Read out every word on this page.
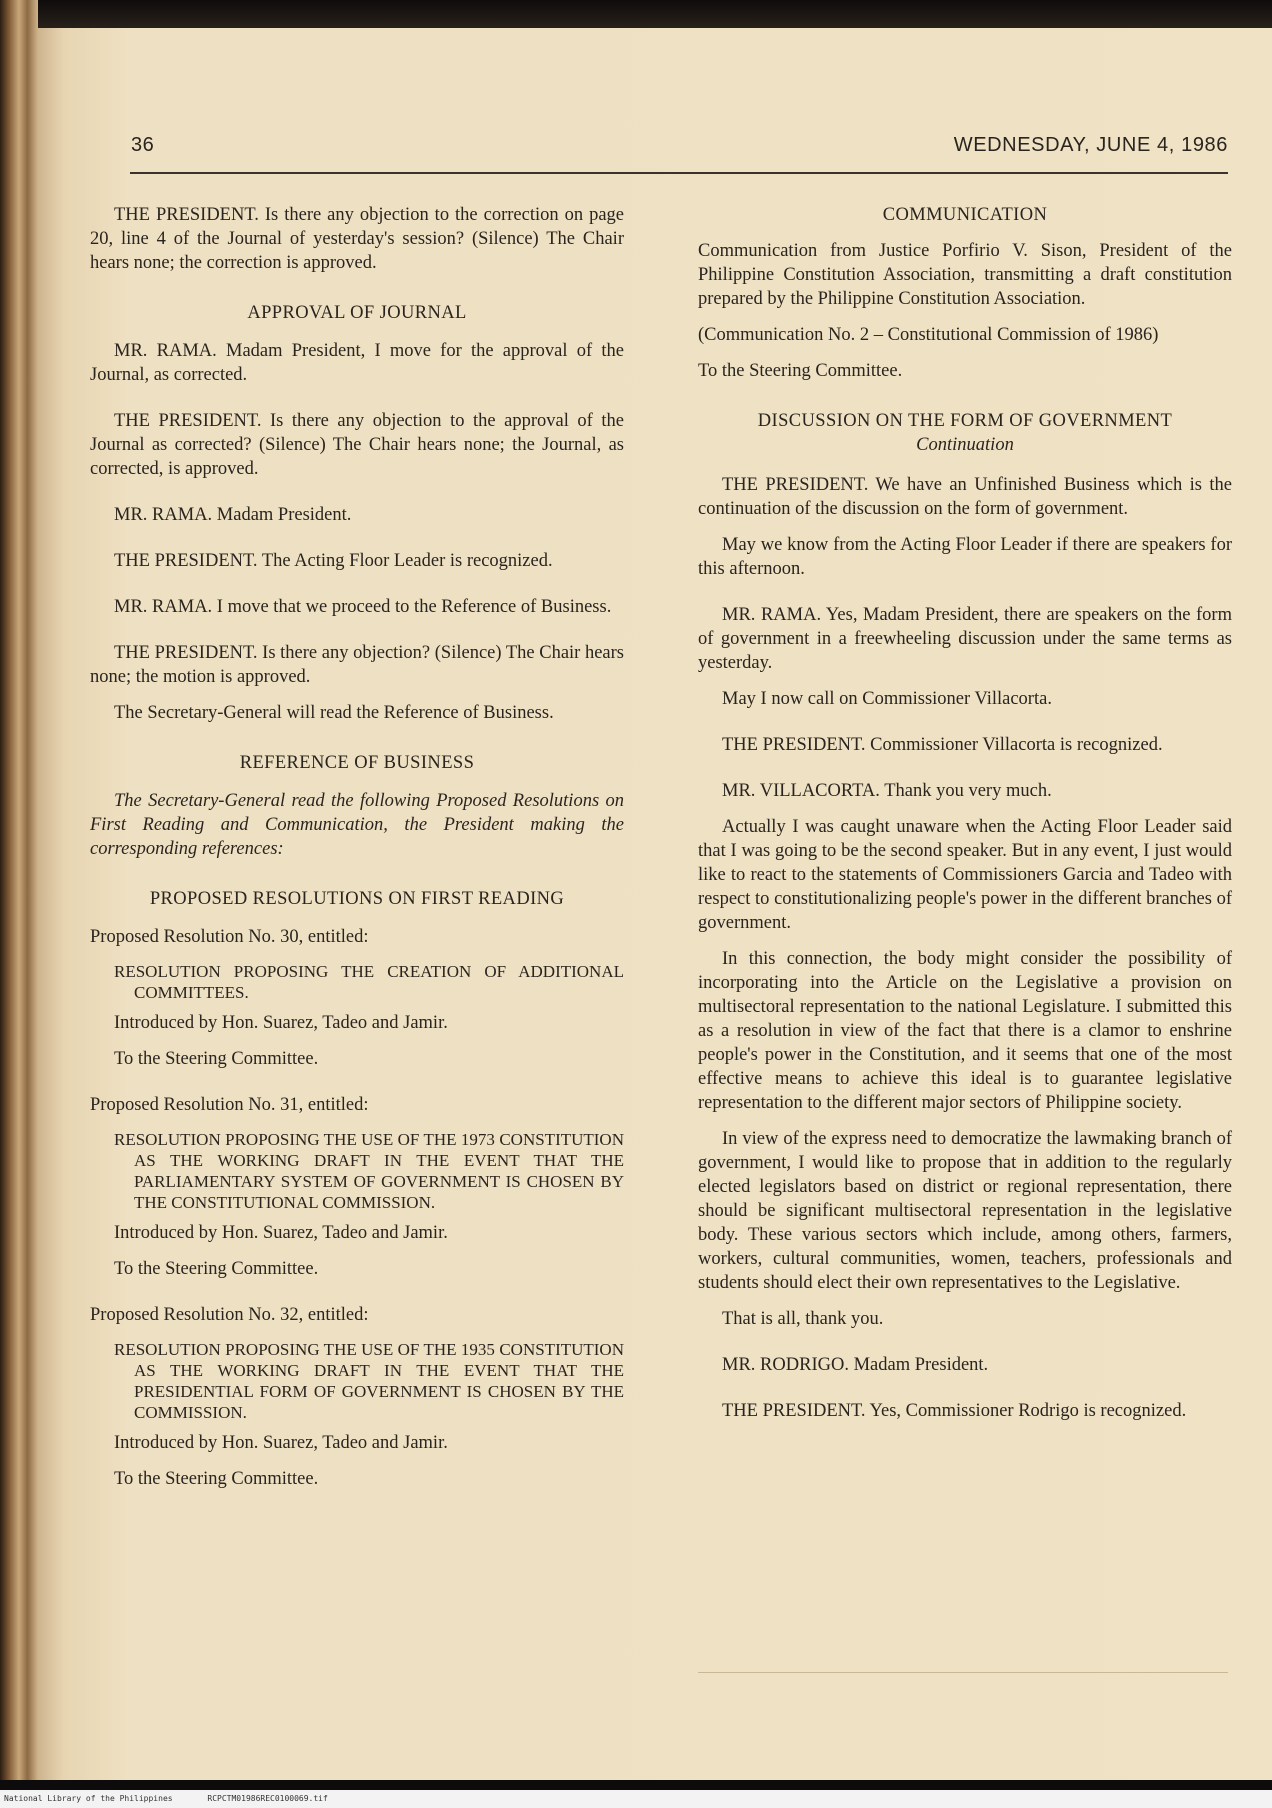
36	WEDNESDAY, JUNE 4, 1986

THE PRESIDENT. Is there any objection to the correction on page 20, line 4 of the Journal of yesterday's session? (Silence) The Chair hears none; the correction is approved.

APPROVAL OF JOURNAL

MR. RAMA. Madam President, I move for the approval of the Journal, as corrected.

THE PRESIDENT. Is there any objection to the approval of the Journal as corrected? (Silence) The Chair hears none; the Journal, as corrected, is approved.

MR. RAMA. Madam President.

THE PRESIDENT. The Acting Floor Leader is recognized.

MR. RAMA. I move that we proceed to the Reference of Business.

THE PRESIDENT. Is there any objection? (Silence) The Chair hears none; the motion is approved.

The Secretary-General will read the Reference of Business.

REFERENCE OF BUSINESS

The Secretary-General read the following Proposed Resolutions on First Reading and Communication, the President making the corresponding references:

PROPOSED RESOLUTIONS ON FIRST READING

Proposed Resolution No. 30, entitled:

RESOLUTION PROPOSING THE CREATION OF ADDITIONAL COMMITTEES.

Introduced by Hon. Suarez, Tadeo and Jamir.

To the Steering Committee.

Proposed Resolution No. 31, entitled:

RESOLUTION PROPOSING THE USE OF THE 1973 CONSTITUTION AS THE WORKING DRAFT IN THE EVENT THAT THE PARLIAMENTARY SYSTEM OF GOVERNMENT IS CHOSEN BY THE CONSTITUTIONAL COMMISSION.

Introduced by Hon. Suarez, Tadeo and Jamir.

To the Steering Committee.

Proposed Resolution No. 32, entitled:

RESOLUTION PROPOSING THE USE OF THE 1935 CONSTITUTION AS THE WORKING DRAFT IN THE EVENT THAT THE PRESIDENTIAL FORM OF GOVERNMENT IS CHOSEN BY THE COMMISSION.

Introduced by Hon. Suarez, Tadeo and Jamir.

To the Steering Committee.

COMMUNICATION

Communication from Justice Porfirio V. Sison, President of the Philippine Constitution Association, transmitting a draft constitution prepared by the Philippine Constitution Association.

(Communication No. 2 – Constitutional Commission of 1986)

To the Steering Committee.

DISCUSSION ON THE FORM OF GOVERNMENT
Continuation

THE PRESIDENT. We have an Unfinished Business which is the continuation of the discussion on the form of government.

May we know from the Acting Floor Leader if there are speakers for this afternoon.

MR. RAMA. Yes, Madam President, there are speakers on the form of government in a freewheeling discussion under the same terms as yesterday.

May I now call on Commissioner Villacorta.

THE PRESIDENT. Commissioner Villacorta is recognized.

MR. VILLACORTA. Thank you very much.

Actually I was caught unaware when the Acting Floor Leader said that I was going to be the second speaker. But in any event, I just would like to react to the statements of Commissioners Garcia and Tadeo with respect to constitutionalizing people's power in the different branches of government.

In this connection, the body might consider the possibility of incorporating into the Article on the Legislative a provision on multisectoral representation to the national Legislature. I submitted this as a resolution in view of the fact that there is a clamor to enshrine people's power in the Constitution, and it seems that one of the most effective means to achieve this ideal is to guarantee legislative representation to the different major sectors of Philippine society.

In view of the express need to democratize the lawmaking branch of government, I would like to propose that in addition to the regularly elected legislators based on district or regional representation, there should be significant multisectoral representation in the legislative body. These various sectors which include, among others, farmers, workers, cultural communities, women, teachers, professionals and students should elect their own representatives to the Legislative.

That is all, thank you.

MR. RODRIGO. Madam President.

THE PRESIDENT. Yes, Commissioner Rodrigo is recognized.

National Library of the Philippines	RCPCTM01986REC0100069.tif
